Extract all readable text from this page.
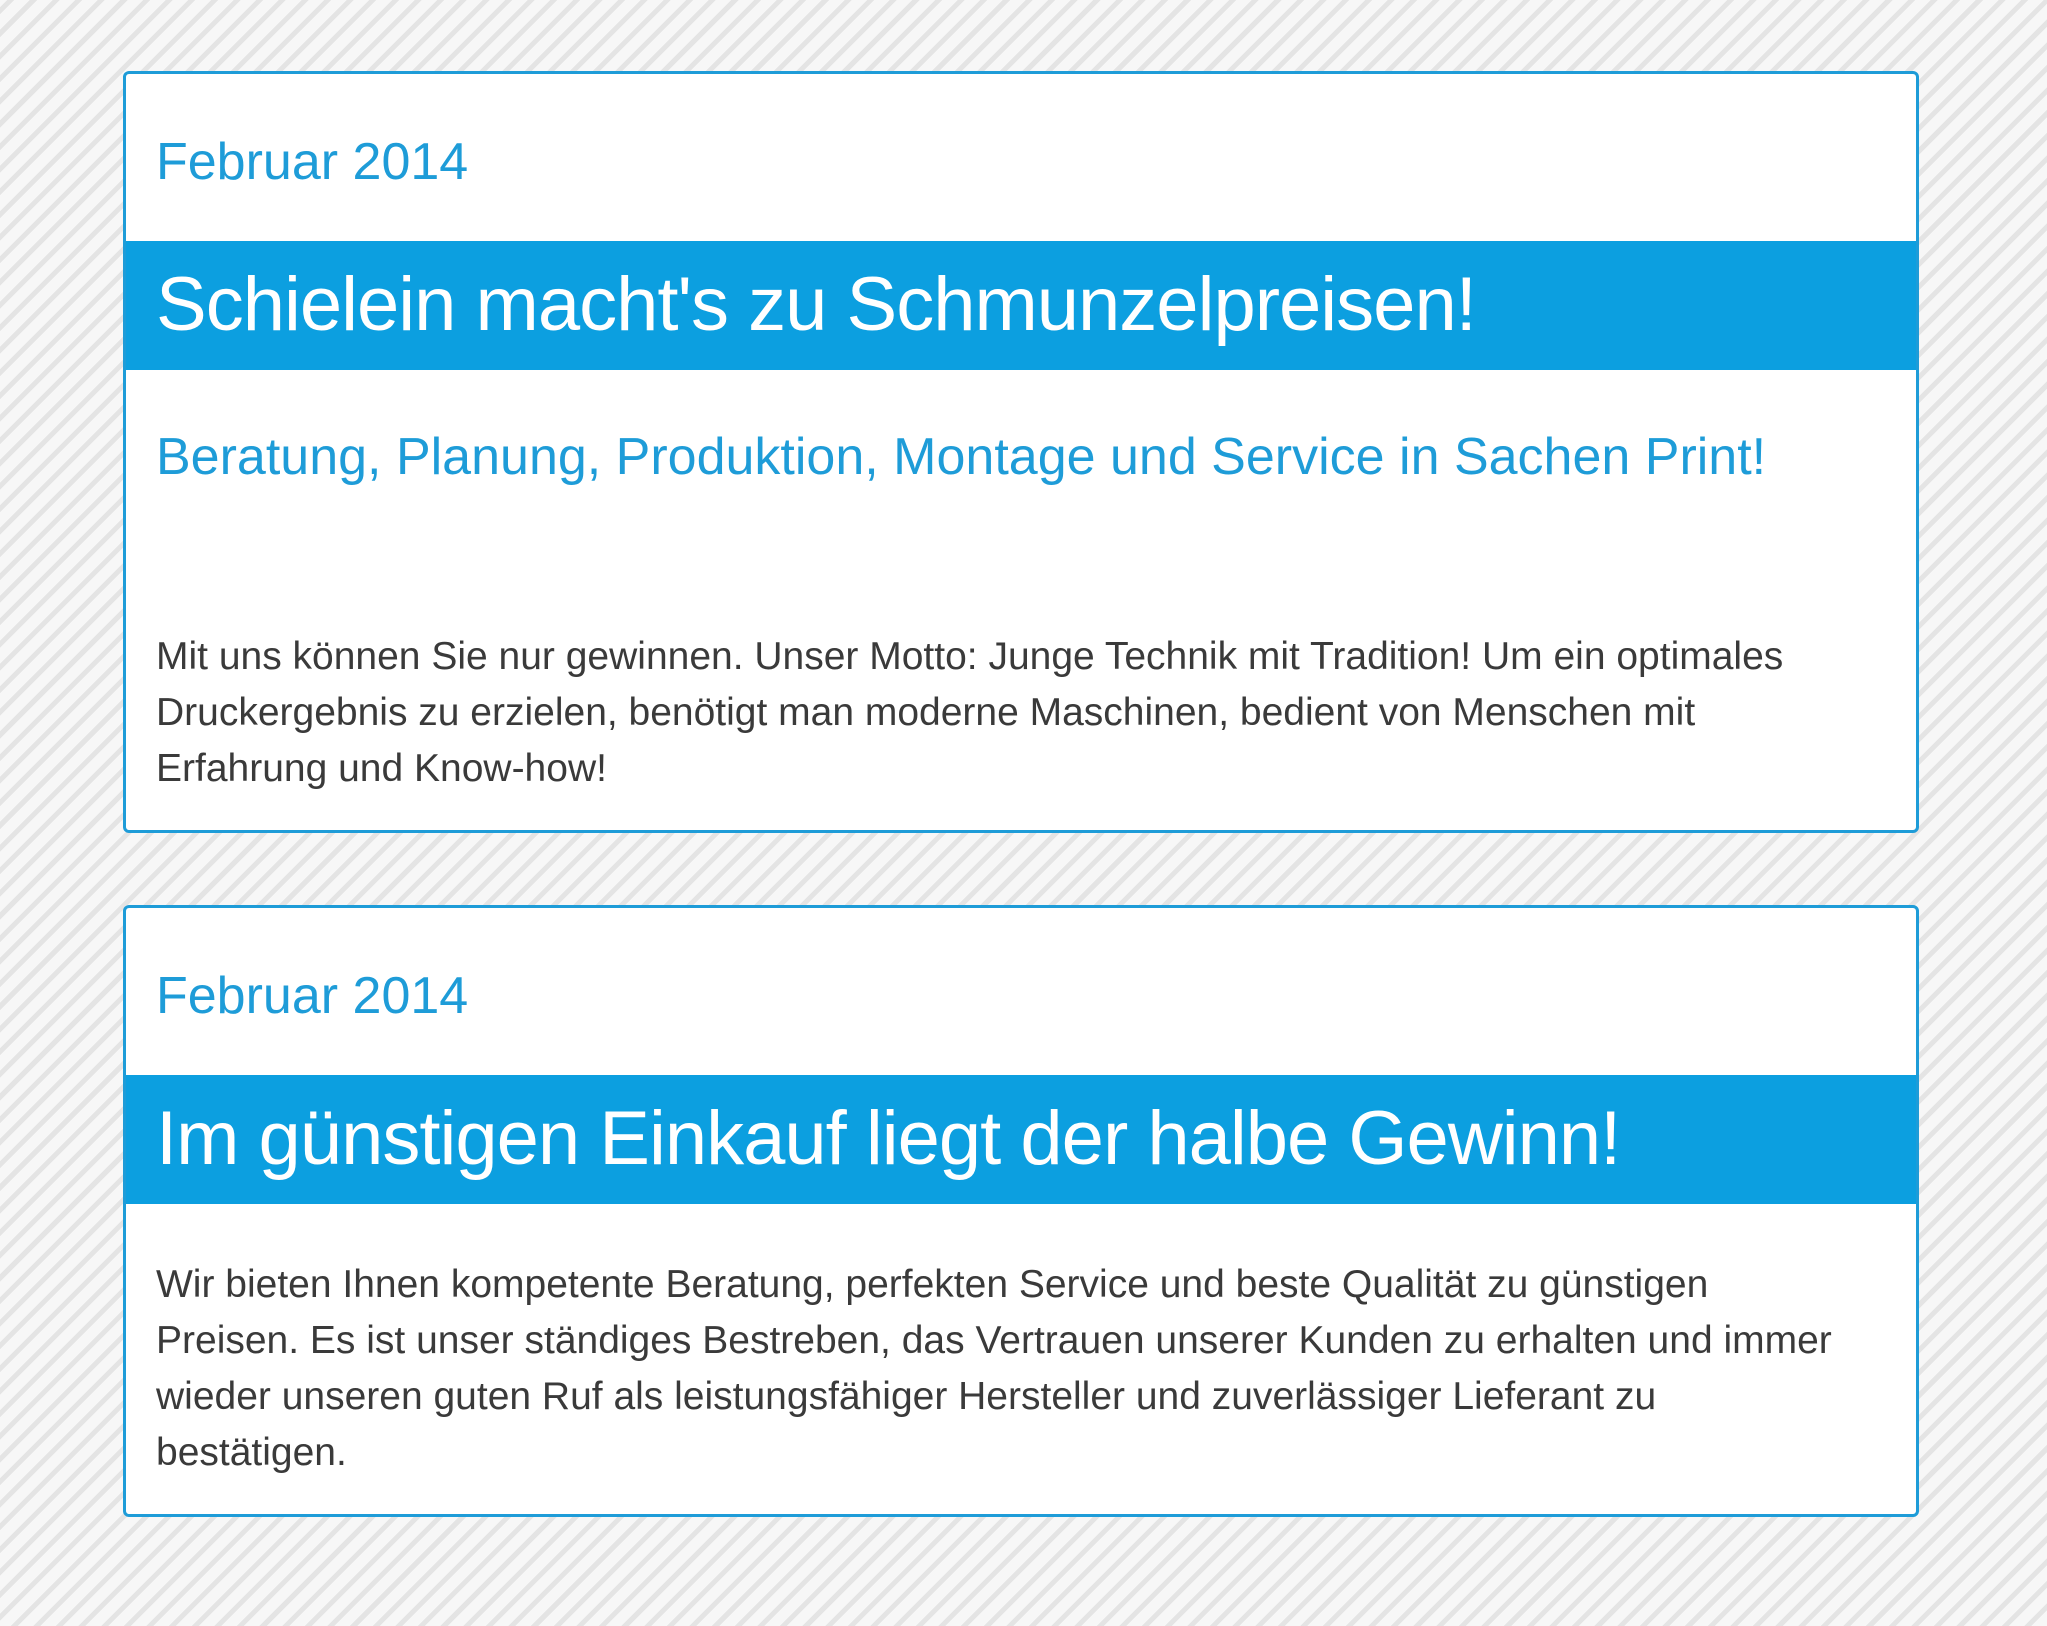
Februar 2014

Schielein macht's zu Schmunzelpreisen!
Beratung, Planung, Produktion, Montage und Service in Sachen Print!

Mit uns können Sie nur gewinnen. Unser Motto: Junge Technik mit Tradition! Um ein optimales Druckergebnis zu erzielen, benötigt man moderne Maschinen, bedient von Menschen mit Erfahrung und Know-how!

Februar 2014

Im günstigen Einkauf liegt der halbe Gewinn!

Wir bieten Ihnen kompetente Beratung, perfekten Service und beste Qualität zu günstigen Preisen. Es ist unser ständiges Bestreben, das Vertrauen unserer Kunden zu erhalten und immer wieder unseren guten Ruf als leistungsfähiger Hersteller und zuverlässiger Lieferant zu bestätigen.
